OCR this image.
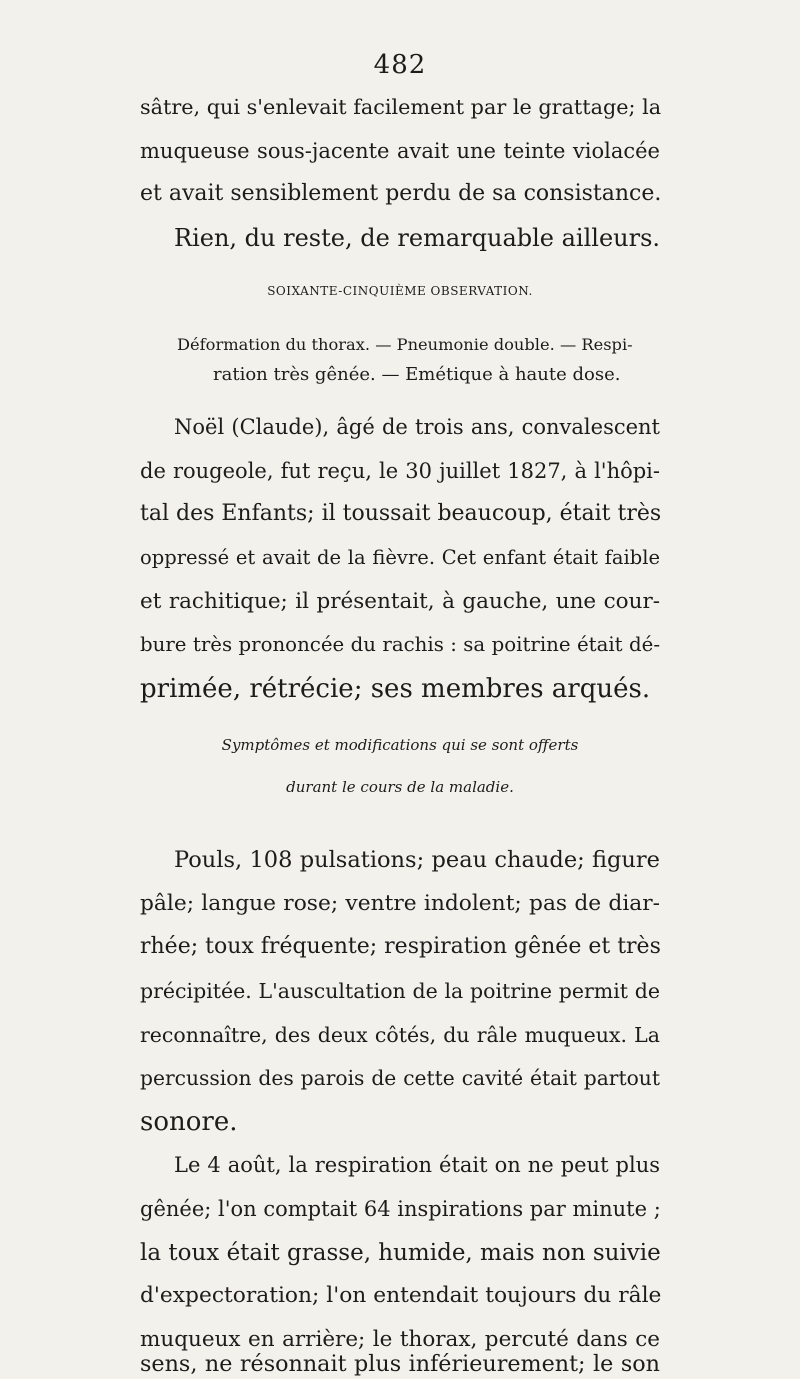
482
sâtre, qui s'enlevait facilement par le grattage; la
muqueuse sous-jacente avait une teinte violacée
et avait sensiblement perdu de sa consistance.
Rien, du reste, de remarquable ailleurs.
SOIXANTE-CINQUIÈME OBSERVATION.
Déformation du thorax. — Pneumonie double. — Respi-
ration très gênée. — Emétique à haute dose.
Noël (Claude), âgé de trois ans, convalescent
de rougeole, fut reçu, le 30 juillet 1827, à l'hôpi-
tal des Enfants; il toussait beaucoup, était très
oppressé et avait de la fièvre. Cet enfant était faible
et rachitique; il présentait, à gauche, une cour-
bure très prononcée du rachis : sa poitrine était dé-
primée, rétrécie; ses membres arqués.
Symptômes et modifications qui se sont offerts
durant le cours de la maladie.
Pouls, 108 pulsations; peau chaude; figure
pâle; langue rose; ventre indolent; pas de diar-
rhée; toux fréquente; respiration gênée et très
précipitée. L'auscultation de la poitrine permit de
reconnaître, des deux côtés, du râle muqueux. La
percussion des parois de cette cavité était partout
sonore.
Le 4 août, la respiration était on ne peut plus
gênée; l'on comptait 64 inspirations par minute ;
la toux était grasse, humide, mais non suivie
d'expectoration; l'on entendait toujours du râle
muqueux en arrière; le thorax, percuté dans ce
sens, ne résonnait plus inférieurement; le son
